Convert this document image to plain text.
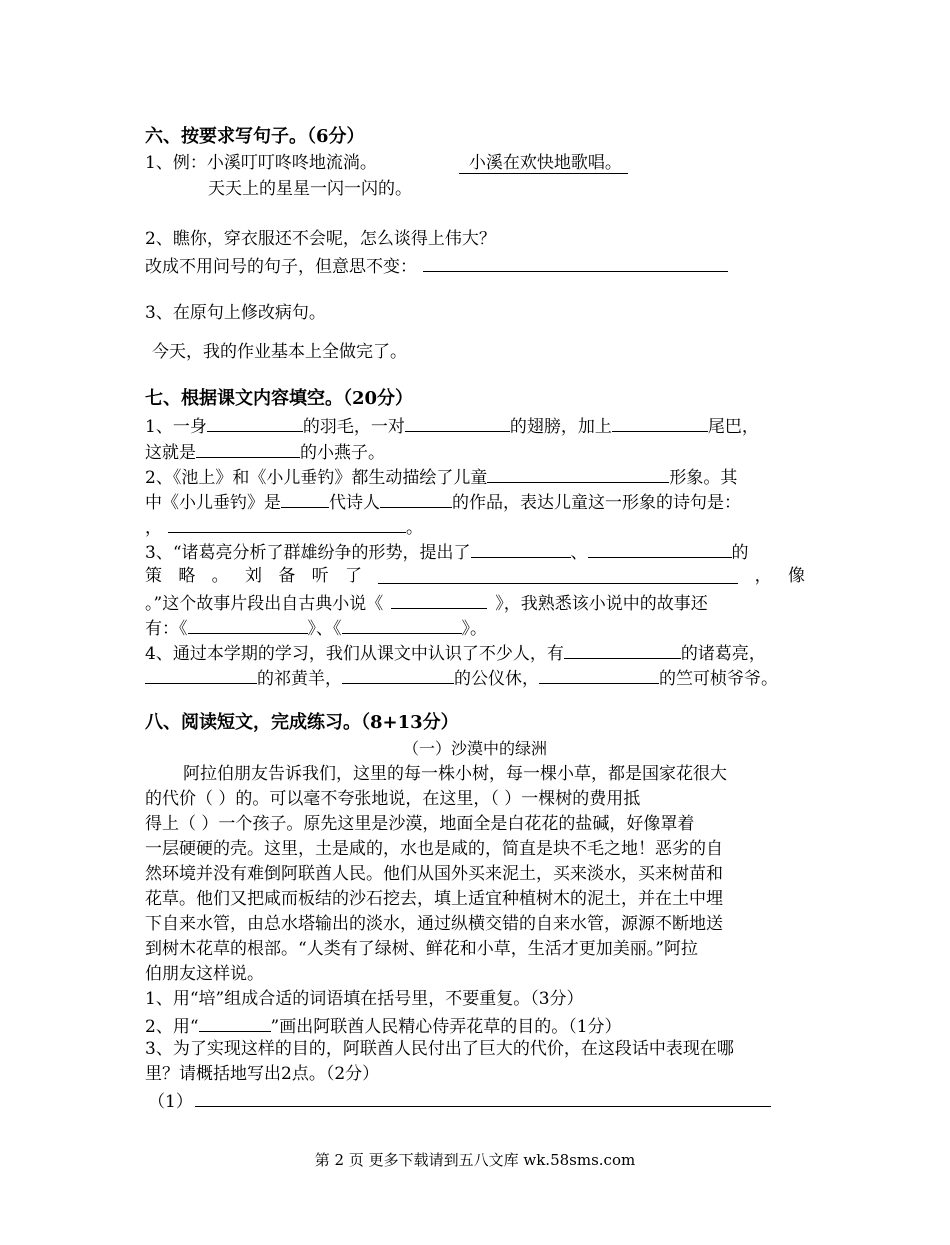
六、按要求写句子。（6分）
1、例：小溪叮叮咚咚地流淌。	小溪在欢快地歌唱。
天天上的星星一闪一闪的。
2、瞧你，穿衣服还不会呢，怎么谈得上伟大？
改成不用问号的句子，但意思不变：
3、在原句上修改病句。
今天，我的作业基本上全做完了。
七、根据课文内容填空。（20分）
1、一身	的羽毛，一对	的翅膀，加上	尾巴，
这就是	的小燕子。
2、《池上》和《小儿垂钓》都生动描绘了儿童	形象。其
中《小儿垂钓》是	代诗人	的作品，表达儿童这一形象的诗句是：
，	。
3、“诸葛亮分析了群雄纷争的形势，提出了	、	的
策 略 。 刘 备 听 了	， 像
。”这个故事片段出自古典小说《	》，我熟悉该小说中的故事还
有：《	》、《	》。
4、通过本学期的学习，我们从课文中认识了不少人，有	的诸葛亮，
的祁黄羊，	的公仪休，	的竺可桢爷爷。
八、阅读短文，完成练习。（8+13分）
（一）沙漠中的绿洲
阿拉伯朋友告诉我们，这里的每一株小树，每一棵小草，都是国家花很大
的代价（ ）的。可以毫不夸张地说，在这里，（ ）一棵树的费用抵
得上（ ）一个孩子。原先这里是沙漠，地面全是白花花的盐碱，好像罩着
一层硬硬的壳。这里，土是咸的，水也是咸的，简直是块不毛之地！恶劣的自
然环境并没有难倒阿联酋人民。他们从国外买来泥土，买来淡水，买来树苗和
花草。他们又把咸而板结的沙石挖去，填上适宜种植树木的泥土，并在土中埋
下自来水管，由总水塔输出的淡水，通过纵横交错的自来水管，源源不断地送
到树木花草的根部。“人类有了绿树、鲜花和小草，生活才更加美丽。”阿拉
伯朋友这样说。
1、用“培”组成合适的词语填在括号里，不要重复。（3分）
2、用“	”画出阿联酋人民精心侍弄花草的目的。（1分）
3、为了实现这样的目的，阿联酋人民付出了巨大的代价，在这段话中表现在哪
里？请概括地写出2点。（2分）
（1）
第 2 页 更多下载请到五八文库 wk.58sms.com
